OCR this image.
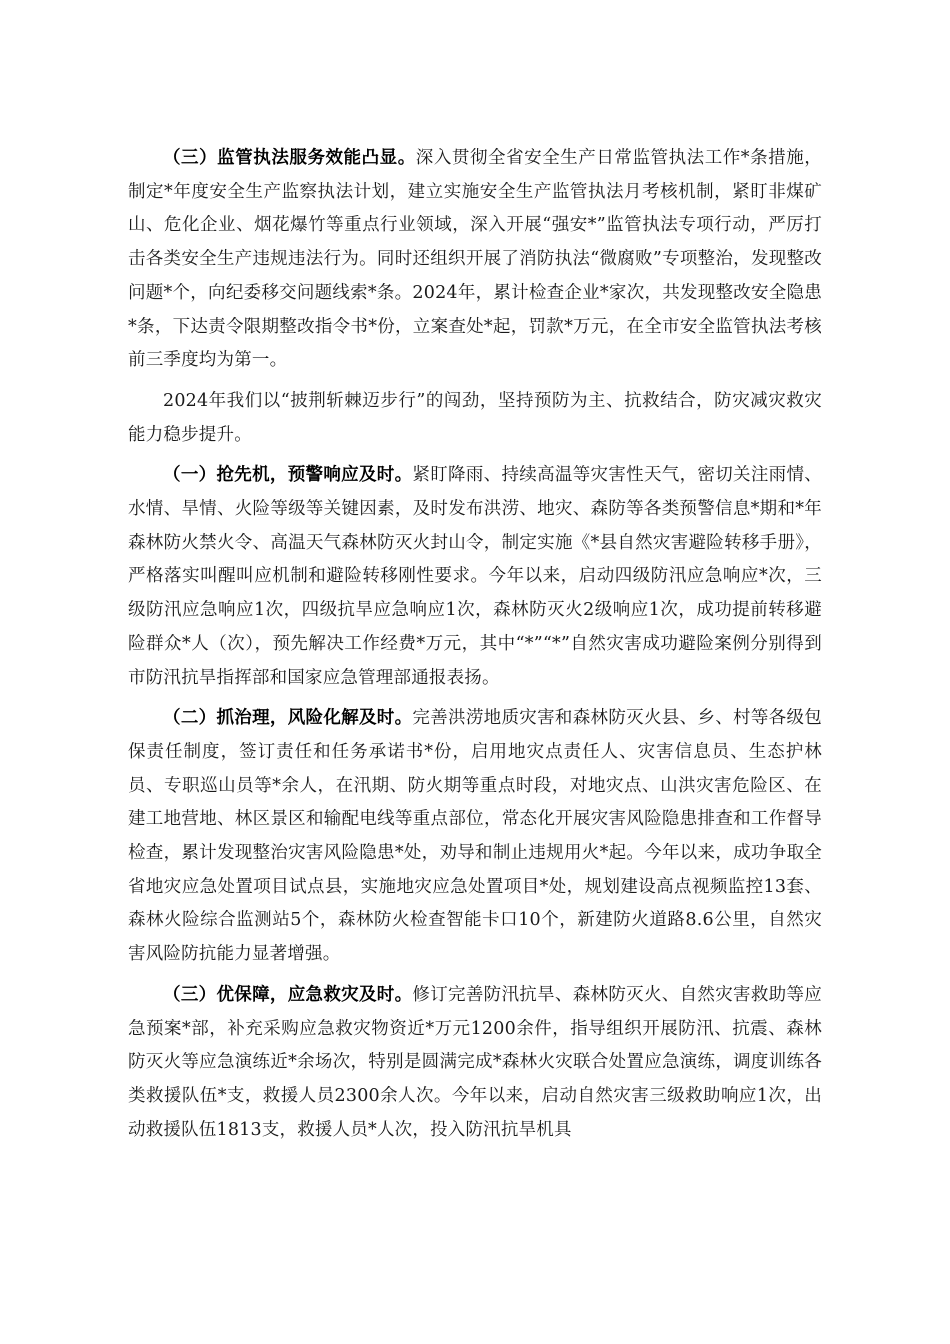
（三）监管执法服务效能凸显。深入贯彻全省安全生产日常监管执法工作*条措施，制定*年度安全生产监察执法计划，建立实施安全生产监管执法月考核机制，紧盯非煤矿山、危化企业、烟花爆竹等重点行业领域，深入开展“强安*”监管执法专项行动，严厉打击各类安全生产违规违法行为。同时还组织开展了消防执法“微腐败”专项整治，发现整改问题*个，向纪委移交问题线索*条。2024年，累计检查企业*家次，共发现整改安全隐患*条，下达责令限期整改指令书*份，立案查处*起，罚款*万元，在全市安全监管执法考核前三季度均为第一。

2024年我们以“披荆斩棘迈步行”的闯劲，坚持预防为主、抗救结合，防灾减灾救灾能力稳步提升。

（一）抢先机，预警响应及时。紧盯降雨、持续高温等灾害性天气，密切关注雨情、水情、旱情、火险等级等关键因素，及时发布洪涝、地灾、森防等各类预警信息*期和*年森林防火禁火令、高温天气森林防灭火封山令，制定实施《*县自然灾害避险转移手册》，严格落实叫醒叫应机制和避险转移刚性要求。今年以来，启动四级防汛应急响应*次，三级防汛应急响应1次，四级抗旱应急响应1次，森林防灭火2级响应1次，成功提前转移避险群众*人（次），预先解决工作经费*万元，其中“*”“*”自然灾害成功避险案例分别得到市防汛抗旱指挥部和国家应急管理部通报表扬。

（二）抓治理，风险化解及时。完善洪涝地质灾害和森林防灭火县、乡、村等各级包保责任制度，签订责任和任务承诺书*份，启用地灾点责任人、灾害信息员、生态护林员、专职巡山员等*余人，在汛期、防火期等重点时段，对地灾点、山洪灾害危险区、在建工地营地、林区景区和输配电线等重点部位，常态化开展灾害风险隐患排查和工作督导检查，累计发现整治灾害风险隐患*处，劝导和制止违规用火*起。今年以来，成功争取全省地灾应急处置项目试点县，实施地灾应急处置项目*处，规划建设高点视频监控13套、森林火险综合监测站5个，森林防火检查智能卡口10个，新建防火道路8.6公里，自然灾害风险防抗能力显著增强。

（三）优保障，应急救灾及时。修订完善防汛抗旱、森林防灭火、自然灾害救助等应急预案*部，补充采购应急救灾物资近*万元1200余件，指导组织开展防汛、抗震、森林防灭火等应急演练近*余场次，特别是圆满完成*森林火灾联合处置应急演练，调度训练各类救援队伍*支，救援人员2300余人次。今年以来，启动自然灾害三级救助响应1次，出动救援队伍1813支，救援人员*人次，投入防汛抗旱机具
